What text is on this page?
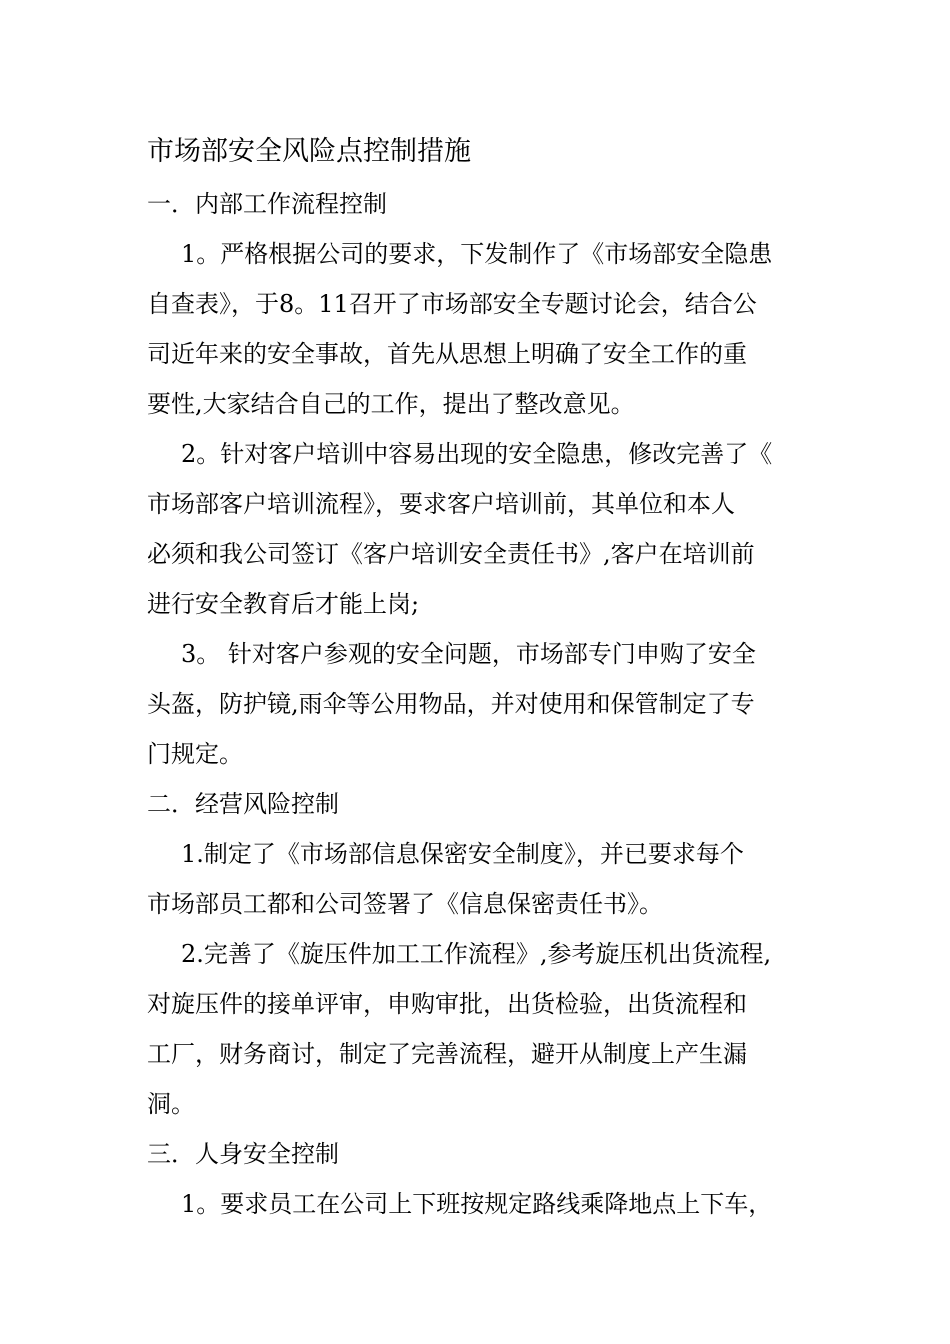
市场部安全风险点控制措施
一．内部工作流程控制
1。严格根据公司的要求，下发制作了《市场部安全隐患
自查表》，于8。11召开了市场部安全专题讨论会，结合公
司近年来的安全事故，首先从思想上明确了安全工作的重
要性,大家结合自己的工作，提出了整改意见。
2。针对客户培训中容易出现的安全隐患，修改完善了《
市场部客户培训流程》，要求客户培训前，其单位和本人
必须和我公司签订《客户培训安全责任书》,客户在培训前
进行安全教育后才能上岗;
3。 针对客户参观的安全问题，市场部专门申购了安全
头盔，防护镜,雨伞等公用物品，并对使用和保管制定了专
门规定。
二．经营风险控制
1.制定了《市场部信息保密安全制度》，并已要求每个
市场部员工都和公司签署了《信息保密责任书》。
2.完善了《旋压件加工工作流程》,参考旋压机出货流程,
对旋压件的接单评审，申购审批，出货检验，出货流程和
工厂，财务商讨，制定了完善流程，避开从制度上产生漏
洞。
三．人身安全控制
1。要求员工在公司上下班按规定路线乘降地点上下车，
